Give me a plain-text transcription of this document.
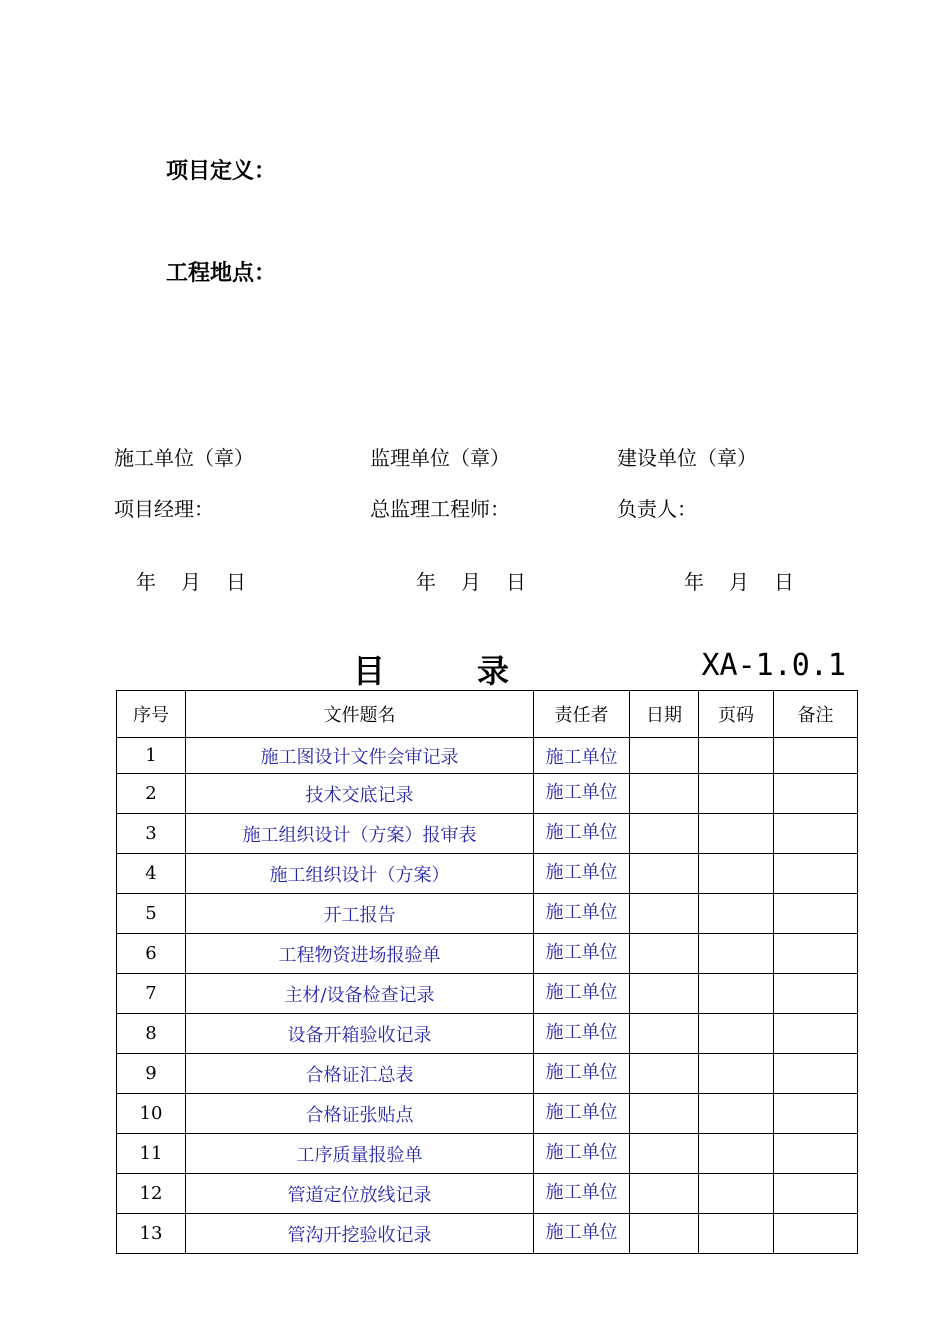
项目定义：
工程地点：
施工单位（章）	监理单位（章）	建设单位（章）
项目经理：	总监理工程师：	负责人：
年 月 日	年 月 日	年 月 日
目	录	XA-1.0.1
序号	文件题名	责任者	日期	页码	备注
1	施工图设计文件会审记录	施工单位			
2	技术交底记录	施工单位			
3	施工组织设计（方案）报审表	施工单位			
4	施工组织设计（方案）	施工单位			
5	开工报告	施工单位			
6	工程物资进场报验单	施工单位			
7	主材/设备检查记录	施工单位			
8	设备开箱验收记录	施工单位			
9	合格证汇总表	施工单位			
10	合格证张贴点	施工单位			
11	工序质量报验单	施工单位			
12	管道定位放线记录	施工单位			
13	管沟开挖验收记录	施工单位			
